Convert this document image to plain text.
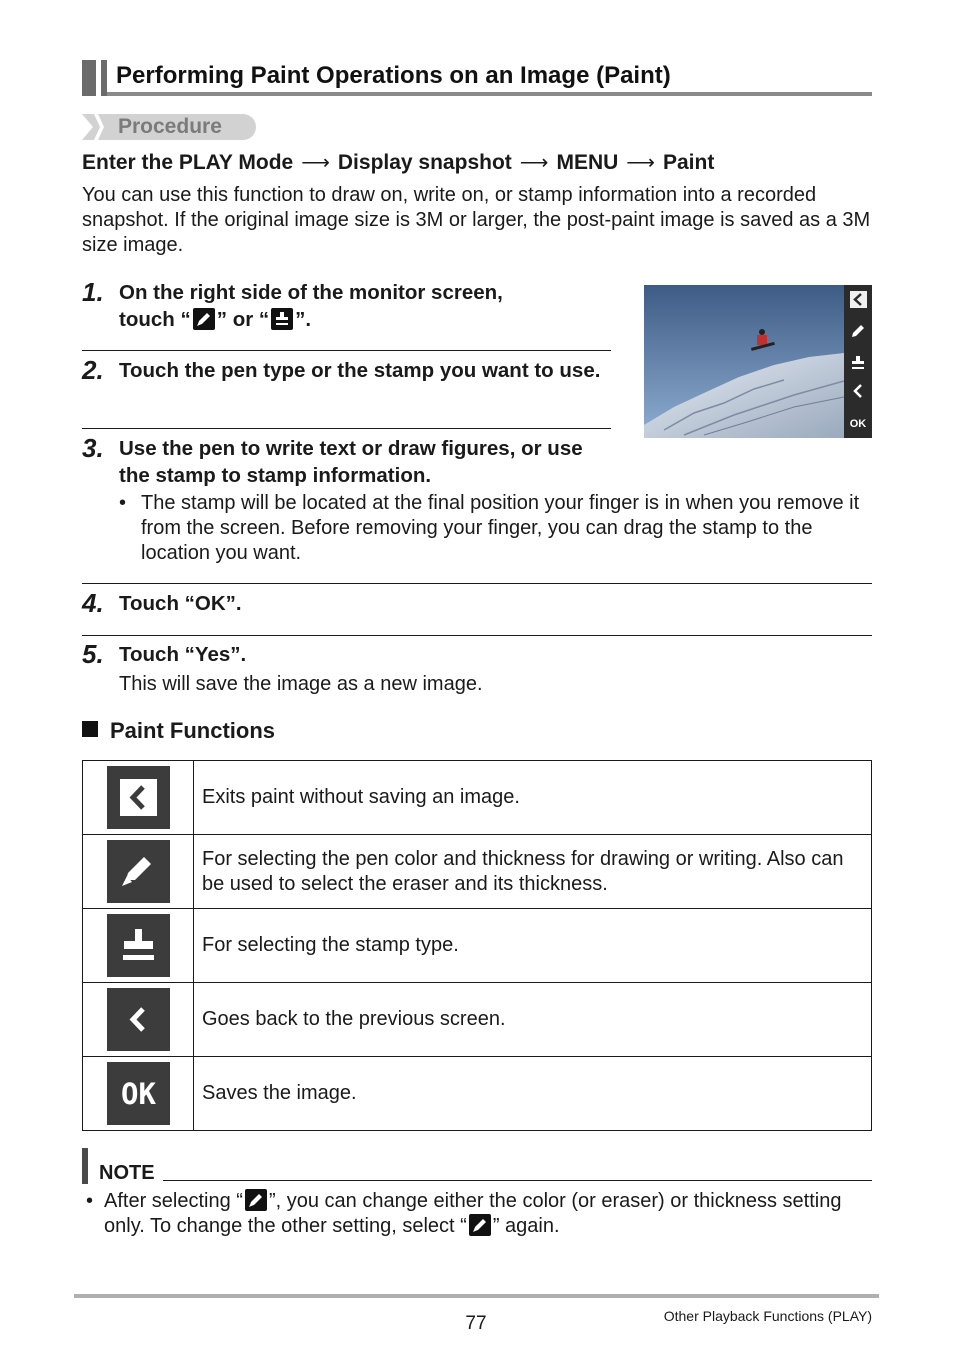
Performing Paint Operations on an Image (Paint)
Procedure
Enter the PLAY Mode ⟶ Display snapshot ⟶ MENU ⟶ Paint
You can use this function to draw on, write on, or stamp information into a recorded snapshot. If the original image size is 3M or larger, the post-paint image is saved as a 3M size image.
1. On the right side of the monitor screen,
touch “ ” or “ ”.
2. Touch the pen type or the stamp you want to use.
3. Use the pen to write text or draw figures, or use the stamp to stamp information.
• The stamp will be located at the final position your finger is in when you remove it from the screen. Before removing your finger, you can drag the stamp to the location you want.
OK
4. Touch “OK”.
5. Touch “Yes”.
This will save the image as a new image.
Paint Functions
	Exits paint without saving an image.

	For selecting the pen color and thickness for drawing or writing. Also can be used to select the eraser and its thickness.

	For selecting the stamp type.

	Goes back to the previous screen.

OK	Saves the image.
NOTE
• After selecting “ ”, you can change either the color (or eraser) or thickness setting only. To change the other setting, select “ ” again.
77	Other Playback Functions (PLAY)
